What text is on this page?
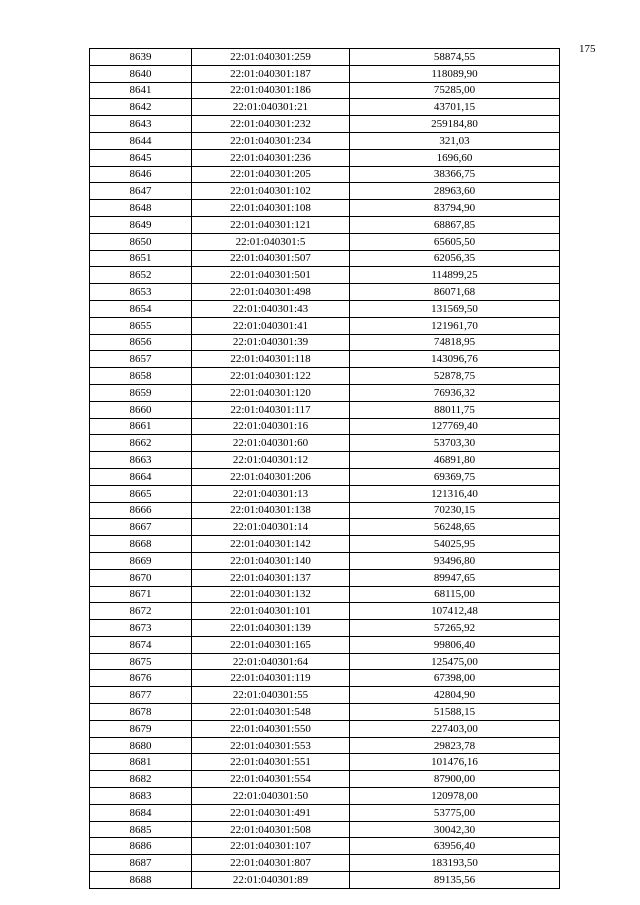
175
8639	22:01:040301:259	58874,55
8640	22:01:040301:187	118089,90
8641	22:01:040301:186	75285,00
8642	22:01:040301:21	43701,15
8643	22:01:040301:232	259184,80
8644	22:01:040301:234	321,03
8645	22:01:040301:236	1696,60
8646	22:01:040301:205	38366,75
8647	22:01:040301:102	28963,60
8648	22:01:040301:108	83794,90
8649	22:01:040301:121	68867,85
8650	22:01:040301:5	65605,50
8651	22:01:040301:507	62056,35
8652	22:01:040301:501	114899,25
8653	22:01:040301:498	86071,68
8654	22:01:040301:43	131569,50
8655	22:01:040301:41	121961,70
8656	22:01:040301:39	74818,95
8657	22:01:040301:118	143096,76
8658	22:01:040301:122	52878,75
8659	22:01:040301:120	76936,32
8660	22:01:040301:117	88011,75
8661	22:01:040301:16	127769,40
8662	22:01:040301:60	53703,30
8663	22:01:040301:12	46891,80
8664	22:01:040301:206	69369,75
8665	22:01:040301:13	121316,40
8666	22:01:040301:138	70230,15
8667	22:01:040301:14	56248,65
8668	22:01:040301:142	54025,95
8669	22:01:040301:140	93496,80
8670	22:01:040301:137	89947,65
8671	22:01:040301:132	68115,00
8672	22:01:040301:101	107412,48
8673	22:01:040301:139	57265,92
8674	22:01:040301:165	99806,40
8675	22:01:040301:64	125475,00
8676	22:01:040301:119	67398,00
8677	22:01:040301:55	42804,90
8678	22:01:040301:548	51588,15
8679	22:01:040301:550	227403,00
8680	22:01:040301:553	29823,78
8681	22:01:040301:551	101476,16
8682	22:01:040301:554	87900,00
8683	22:01:040301:50	120978,00
8684	22:01:040301:491	53775,00
8685	22:01:040301:508	30042,30
8686	22:01:040301:107	63956,40
8687	22:01:040301:807	183193,50
8688	22:01:040301:89	89135,56
